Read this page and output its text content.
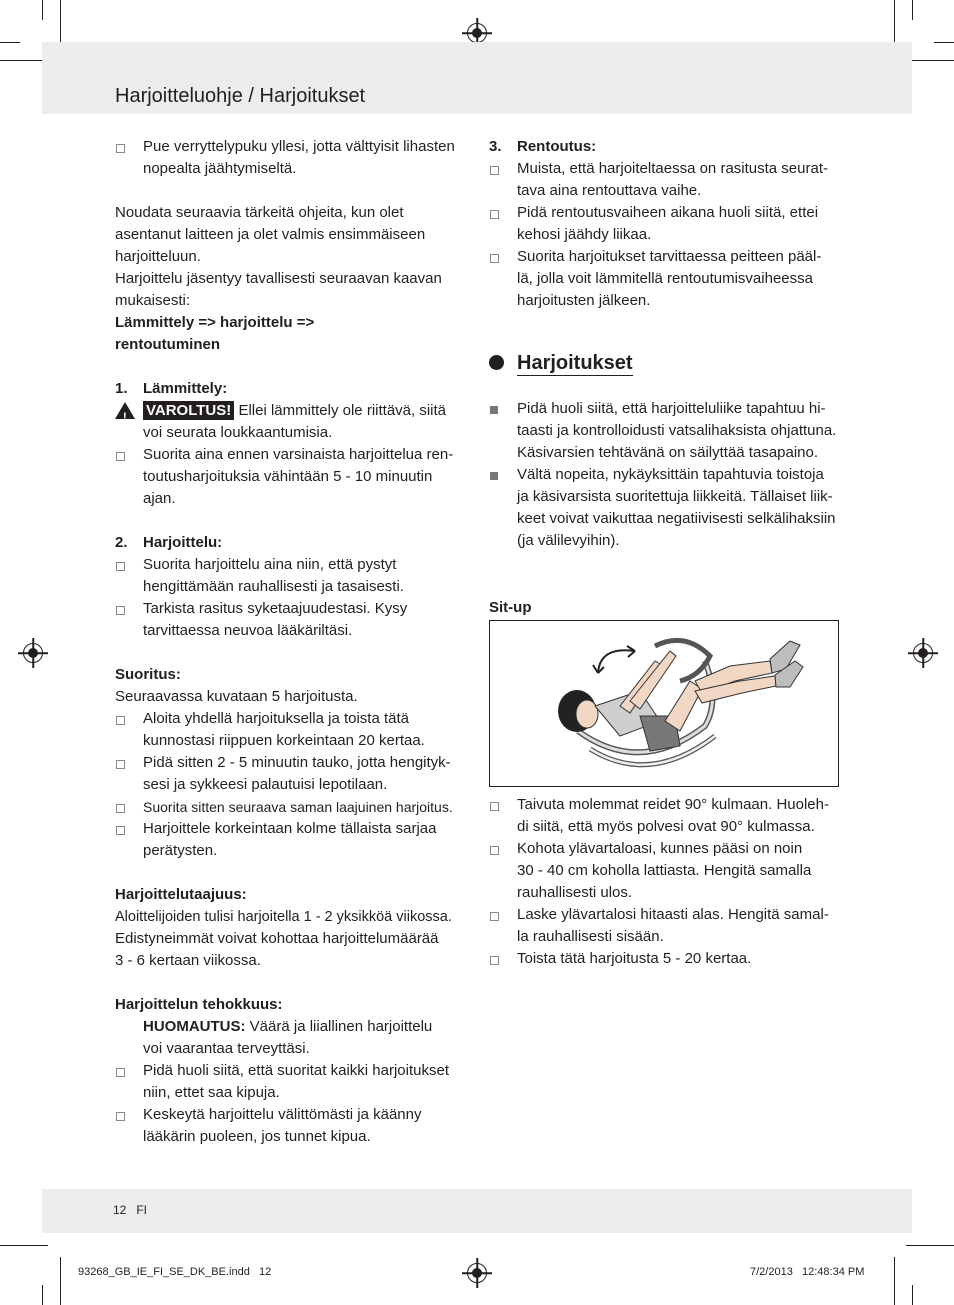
Harjoitteluohje / Harjoitukset
Pue verryttelypuku yllesi, jotta välttyisit lihasten
nopealta jäähtymiseltä.
Noudata seuraavia tärkeitä ohjeita, kun olet
asentanut laitteen ja olet valmis ensimmäiseen
harjoitteluun.
Harjoittelu jäsentyy tavallisesti seuraavan kaavan
mukaisesti:
Lämmittely => harjoittelu =>
rentoutuminen
1. Lämmittely:
! VAROLTUS! Ellei lämmittely ole riittävä, siitä
voi seurata loukkaantumisia.
Suorita aina ennen varsinaista harjoittelua ren-
toutusharjoituksia vähintään 5 - 10 minuutin
ajan.
2. Harjoittelu:
Suorita harjoittelu aina niin, että pystyt
hengittämään rauhallisesti ja tasaisesti.
Tarkista rasitus syketaajuudestasi. Kysy
tarvittaessa neuvoa lääkäriltäsi.
Suoritus:
Seuraavassa kuvataan 5 harjoitusta.
Aloita yhdellä harjoituksella ja toista tätä
kunnostasi riippuen korkeintaan 20 kertaa.
Pidä sitten 2 - 5 minuutin tauko, jotta hengityk-
sesi ja sykkeesi palautuisi lepotilaan.
Suorita sitten seuraava saman laajuinen harjoitus.
Harjoittele korkeintaan kolme tällaista sarjaa
perätysten.
Harjoittelutaajuus:
Aloittelijoiden tulisi harjoitella 1 - 2 yksikköä viikossa.
Edistyneimmät voivat kohottaa harjoittelumäärää
3 - 6 kertaan viikossa.
Harjoittelun tehokkuus:
HUOMAUTUS: Väärä ja liiallinen harjoittelu
voi vaarantaa terveyttäsi.
Pidä huoli siitä, että suoritat kaikki harjoitukset
niin, ettet saa kipuja.
Keskeytä harjoittelu välittömästi ja käänny
lääkärin puoleen, jos tunnet kipua.
3. Rentoutus:
Muista, että harjoiteltaessa on rasitusta seurat-
tava aina rentouttava vaihe.
Pidä rentoutusvaiheen aikana huoli siitä, ettei
kehosi jäähdy liikaa.
Suorita harjoitukset tarvittaessa peitteen pääl-
lä, jolla voit lämmitellä rentoutumisvaiheessa
harjoitusten jälkeen.
Harjoitukset
Pidä huoli siitä, että harjoitteluliike tapahtuu hi-
taasti ja kontrolloidusti vatsalihaksista ohjattuna.
Käsivarsien tehtävänä on säilyttää tasapaino.
Vältä nopeita, nykäyksittäin tapahtuvia toistoja
ja käsivarsista suoritettuja liikkeitä. Tällaiset liik-
keet voivat vaikuttaa negatiivisesti selkälihaksiin
(ja välilevyihin).
Sit-up
Taivuta molemmat reidet 90° kulmaan. Huoleh-
di siitä, että myös polvesi ovat 90° kulmassa.
Kohota ylävartaloasi, kunnes pääsi on noin
30 - 40 cm koholla lattiasta. Hengitä samalla
rauhallisesti ulos.
Laske ylävartalosi hitaasti alas. Hengitä samal-
la rauhallisesti sisään.
Toista tätä harjoitusta 5 - 20 kertaa.
12   FI
93268_GB_IE_FI_SE_DK_BE.indd   12	7/2/2013   12:48:34 PM
